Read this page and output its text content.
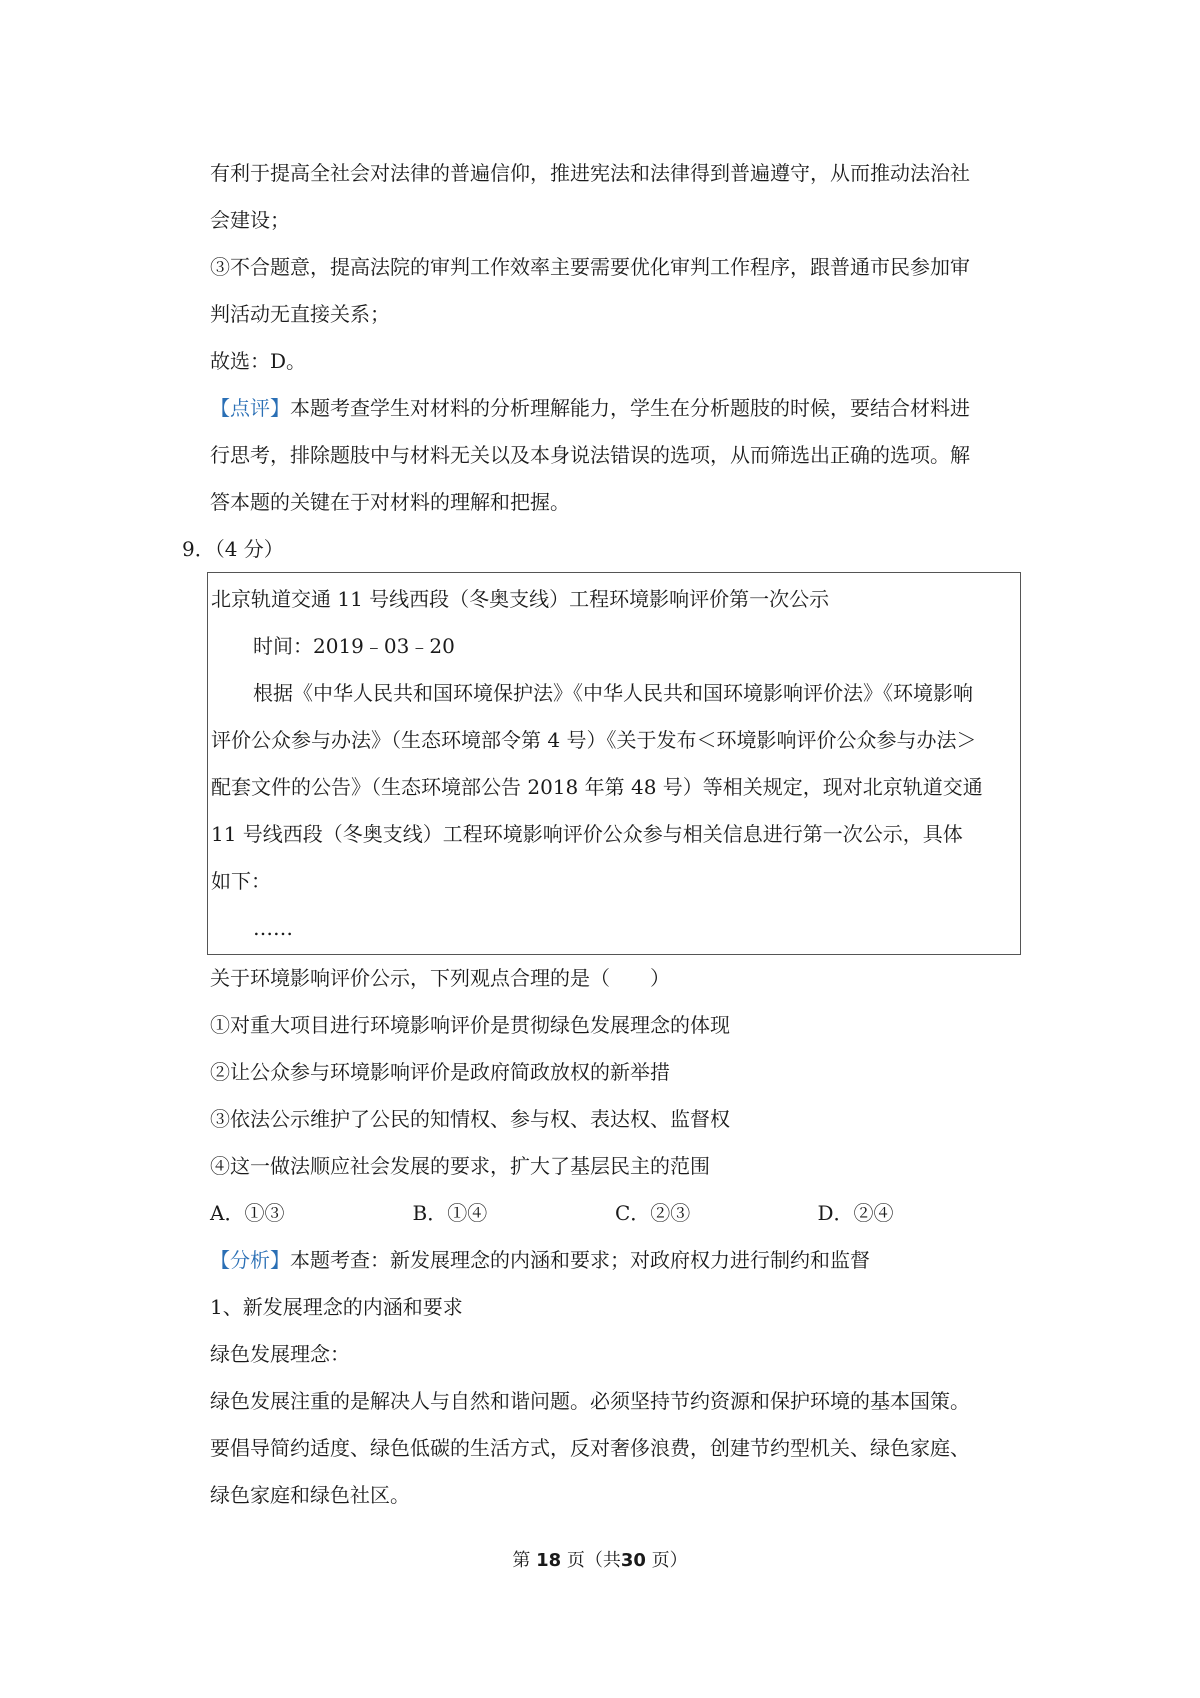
有利于提高全社会对法律的普遍信仰，推进宪法和法律得到普遍遵守，从而推动法治社
会建设；
③不合题意，提高法院的审判工作效率主要需要优化审判工作程序，跟普通市民参加审
判活动无直接关系；
故选：D。
【点评】本题考查学生对材料的分析理解能力，学生在分析题肢的时候，要结合材料进
行思考，排除题肢中与材料无关以及本身说法错误的选项，从而筛选出正确的选项。解
答本题的关键在于对材料的理解和把握。
9．（4 分）
北京轨道交通 11 号线西段（冬奥支线）工程环境影响评价第一次公示
时间：2019﹣03﹣20
根据《中华人民共和国环境保护法》《中华人民共和国环境影响评价法》《环境影响
评价公众参与办法》（生态环境部令第 4 号）《关于发布＜环境影响评价公众参与办法＞
配套文件的公告》（生态环境部公告 2018 年第 48 号）等相关规定，现对北京轨道交通
11 号线西段（冬奥支线）工程环境影响评价公众参与相关信息进行第一次公示，具体
如下：
……
关于环境影响评价公示，下列观点合理的是（　　）
①对重大项目进行环境影响评价是贯彻绿色发展理念的体现
②让公众参与环境影响评价是政府简政放权的新举措
③依法公示维护了公民的知情权、参与权、表达权、监督权
④这一做法顺应社会发展的要求，扩大了基层民主的范围
A．①③	B．①④	C．②③	D．②④
【分析】本题考查：新发展理念的内涵和要求；对政府权力进行制约和监督
1、新发展理念的内涵和要求
绿色发展理念：
绿色发展注重的是解决人与自然和谐问题。必须坚持节约资源和保护环境的基本国策。
要倡导简约适度、绿色低碳的生活方式，反对奢侈浪费，创建节约型机关、绿色家庭、
绿色家庭和绿色社区。
第 18 页（共30 页）
